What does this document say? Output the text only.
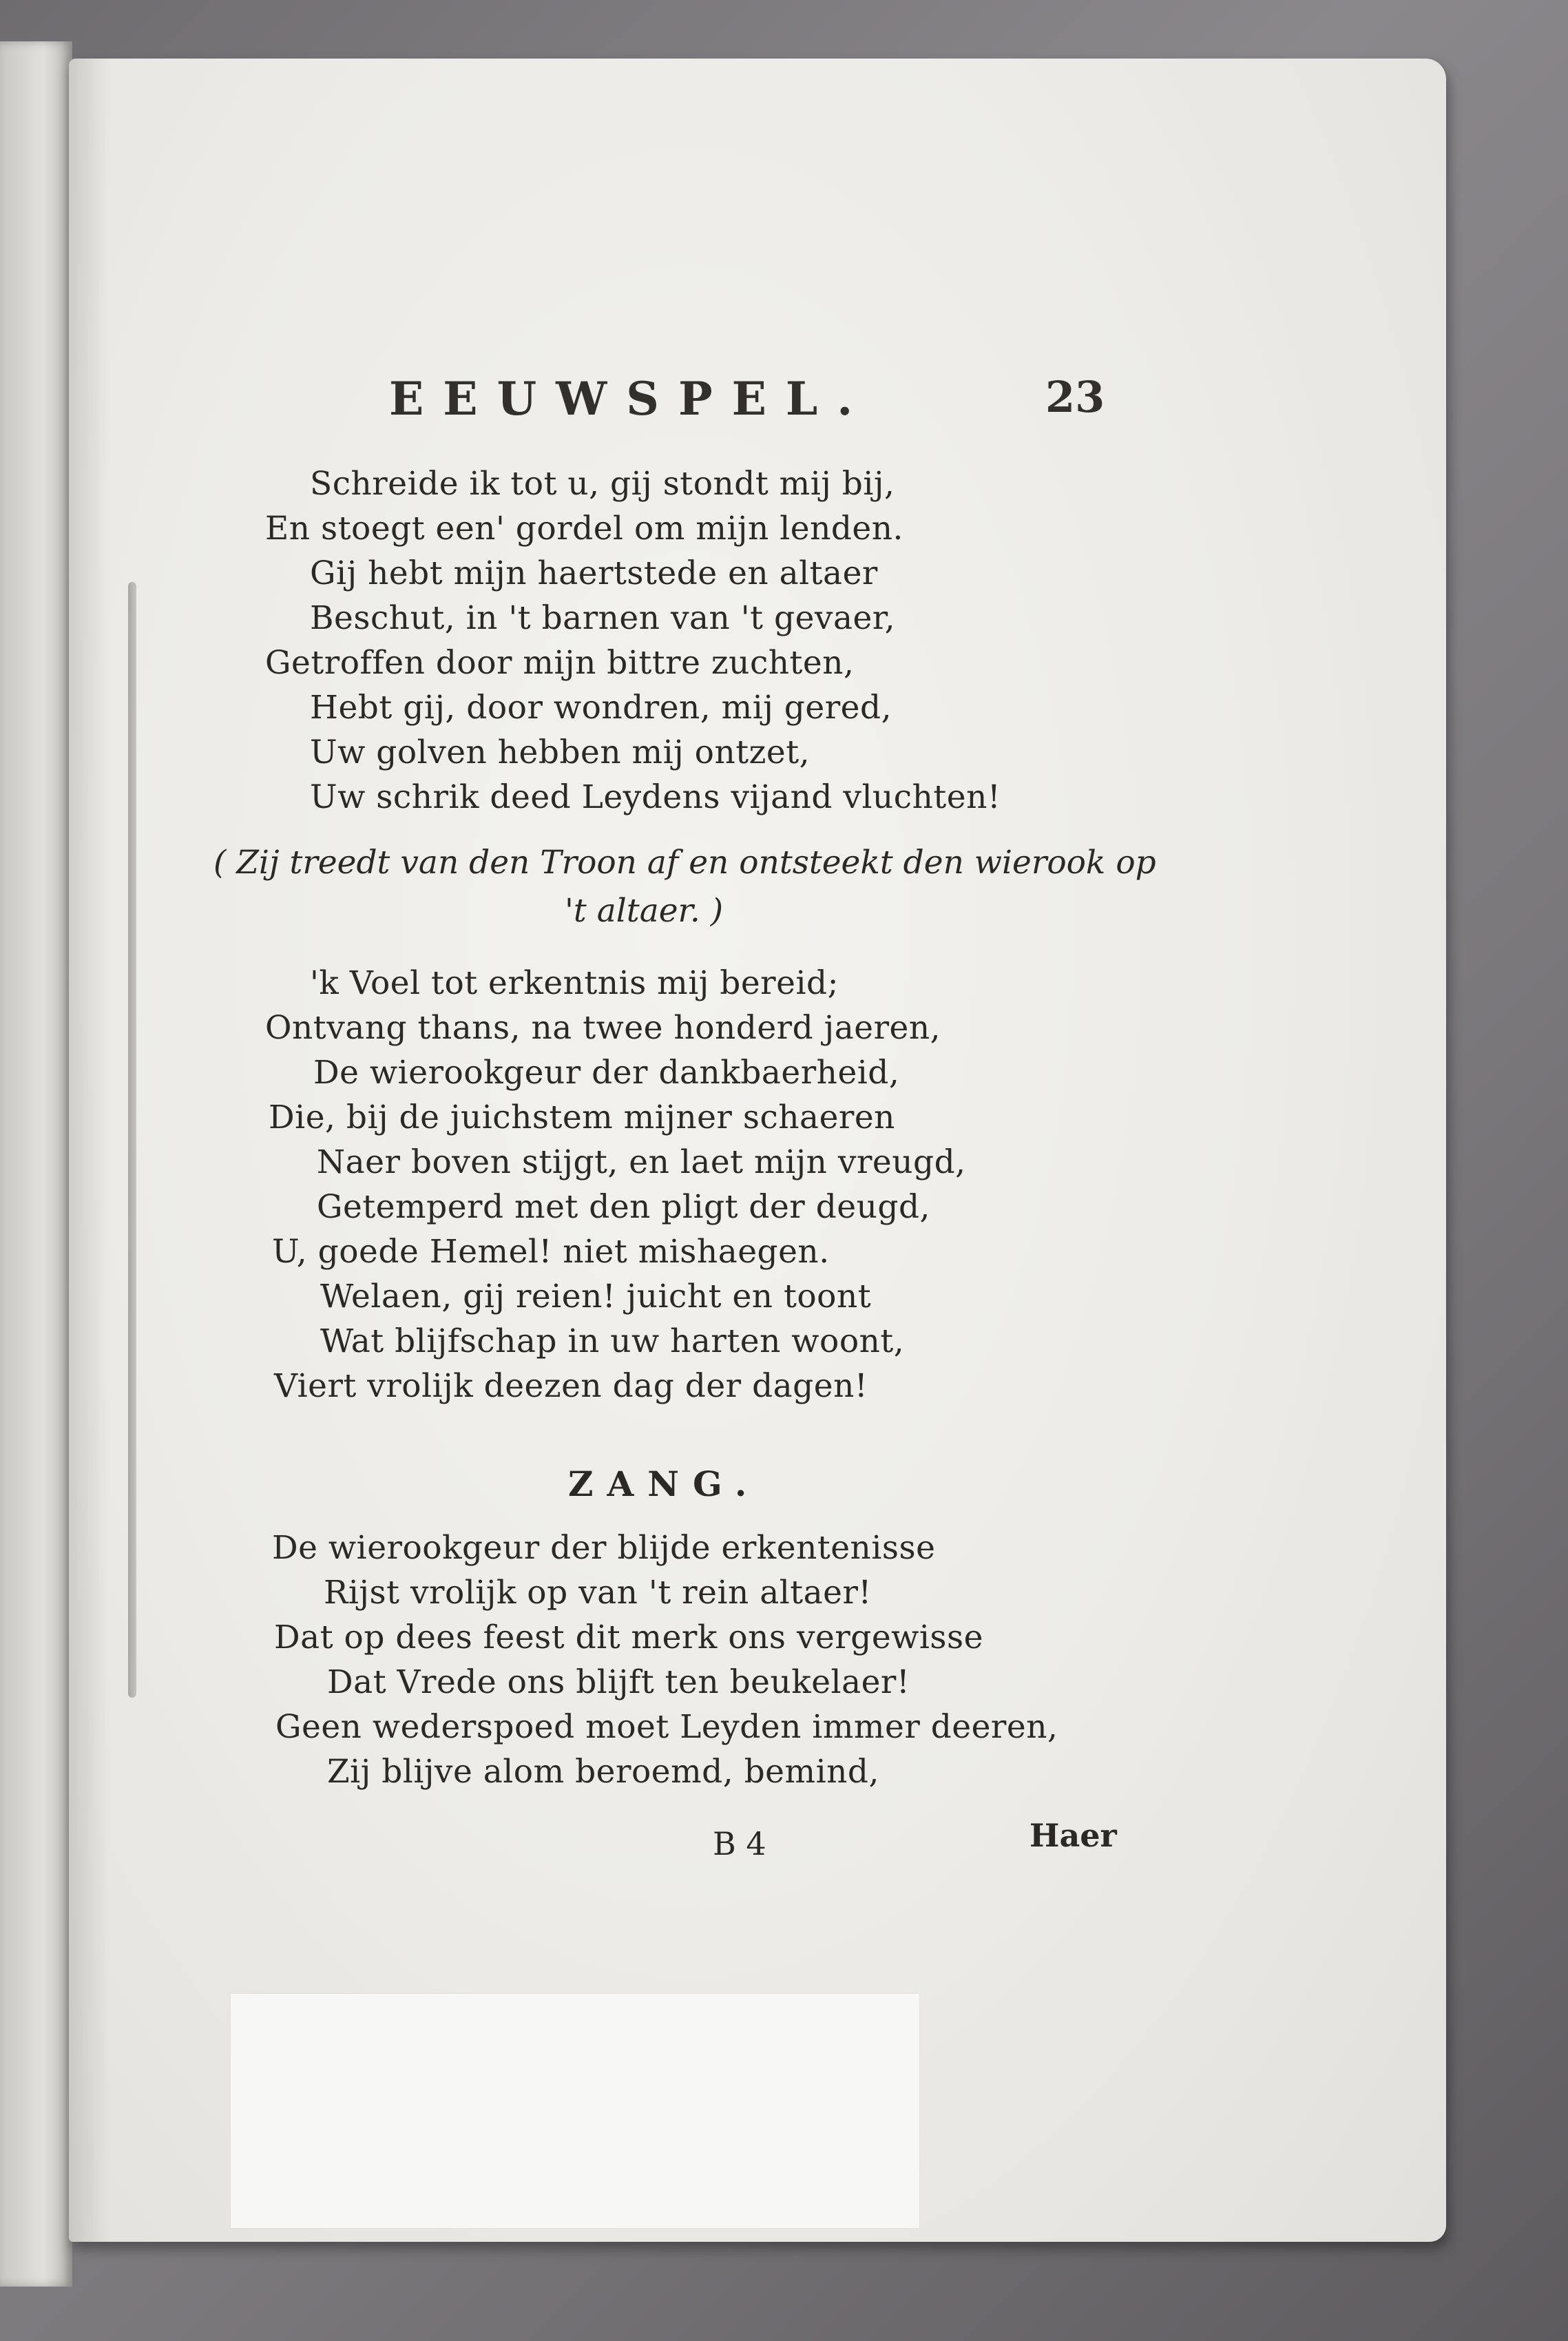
EEUWSPEL.	23
Schreide ik tot u, gij stondt mij bij,
En stoegt een' gordel om mijn lenden.
Gij hebt mijn haertstede en altaer
Beschut, in 't barnen van 't gevaer,
Getroffen door mijn bittre zuchten,
Hebt gij, door wondren, mij gered,
Uw golven hebben mij ontzet,
Uw schrik deed Leydens vijand vluchten!
( Zij treedt van den Troon af en ontsteekt den wierook op
't altaer. )
'k Voel tot erkentnis mij bereid;
Ontvang thans, na twee honderd jaeren,
De wierookgeur der dankbaerheid,
Die, bij de juichstem mijner schaeren
Naer boven stijgt, en laet mijn vreugd,
Getemperd met den pligt der deugd,
U, goede Hemel! niet mishaegen.
Welaen, gij reien! juicht en toont
Wat blijfschap in uw harten woont,
Viert vrolijk deezen dag der dagen!
ZANG.
De wierookgeur der blijde erkentenisse
Rijst vrolijk op van 't rein altaer!
Dat op dees feest dit merk ons vergewisse
Dat Vrede ons blijft ten beukelaer!
Geen wederspoed moet Leyden immer deeren,
Zij blijve alom beroemd, bemind,
B 4	Haer
